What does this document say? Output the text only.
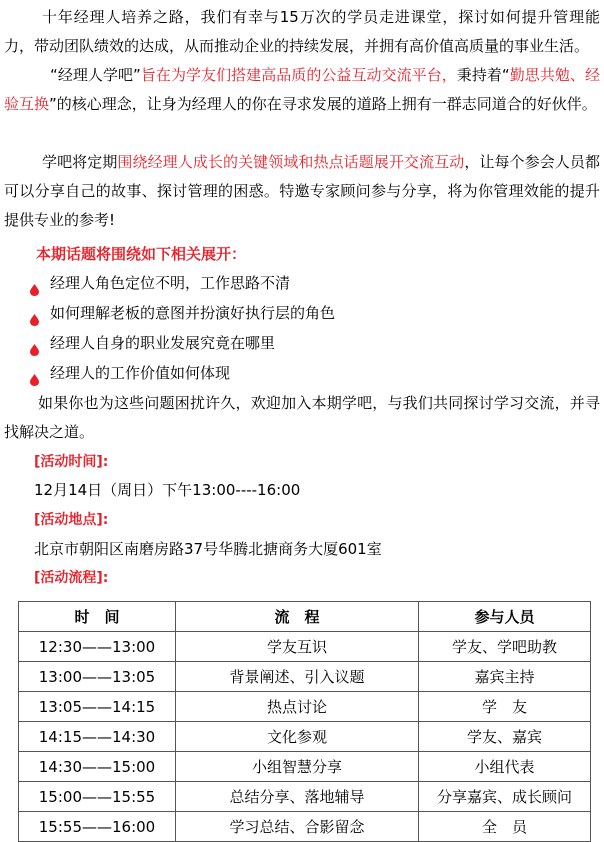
十年经理人培养之路，我们有幸与15万次的学员走进课堂，探讨如何提升管理能力，带动团队绩效的达成，从而推动企业的持续发展，并拥有高价值高质量的事业生活。

“经理人学吧”旨在为学友们搭建高品质的公益互动交流平台，秉持着“勤思共勉、经验互换”的核心理念，让身为经理人的你在寻求发展的道路上拥有一群志同道合的好伙伴。

学吧将定期围绕经理人成长的关键领域和热点话题展开交流互动，让每个参会人员都可以分享自己的故事、探讨管理的困惑。特邀专家顾问参与分享，将为你管理效能的提升提供专业的参考!

本期话题将围绕如下相关展开：

经理人角色定位不明，工作思路不清
如何理解老板的意图并扮演好执行层的角色
经理人自身的职业发展究竟在哪里
经理人的工作价值如何体现

如果你也为这些问题困扰许久，欢迎加入本期学吧，与我们共同探讨学习交流，并寻找解决之道。

[活动时间]:

12月14日（周日）下午13:00----16:00

[活动地点]:

北京市朝阳区南磨房路37号华腾北搪商务大厦601室

[活动流程]:

时　间	流　程	参与人员
12:30——13:00	学友互识	学友、学吧助教
13:00——13:05	背景阐述、引入议题	嘉宾主持
13:05——14:15	热点讨论	学　友
14:15——14:30	文化参观	学友、嘉宾
14:30——15:00	小组智慧分享	小组代表
15:00——15:55	总结分享、落地辅导	分享嘉宾、成长顾问
15:55——16:00	学习总结、合影留念	全　员
